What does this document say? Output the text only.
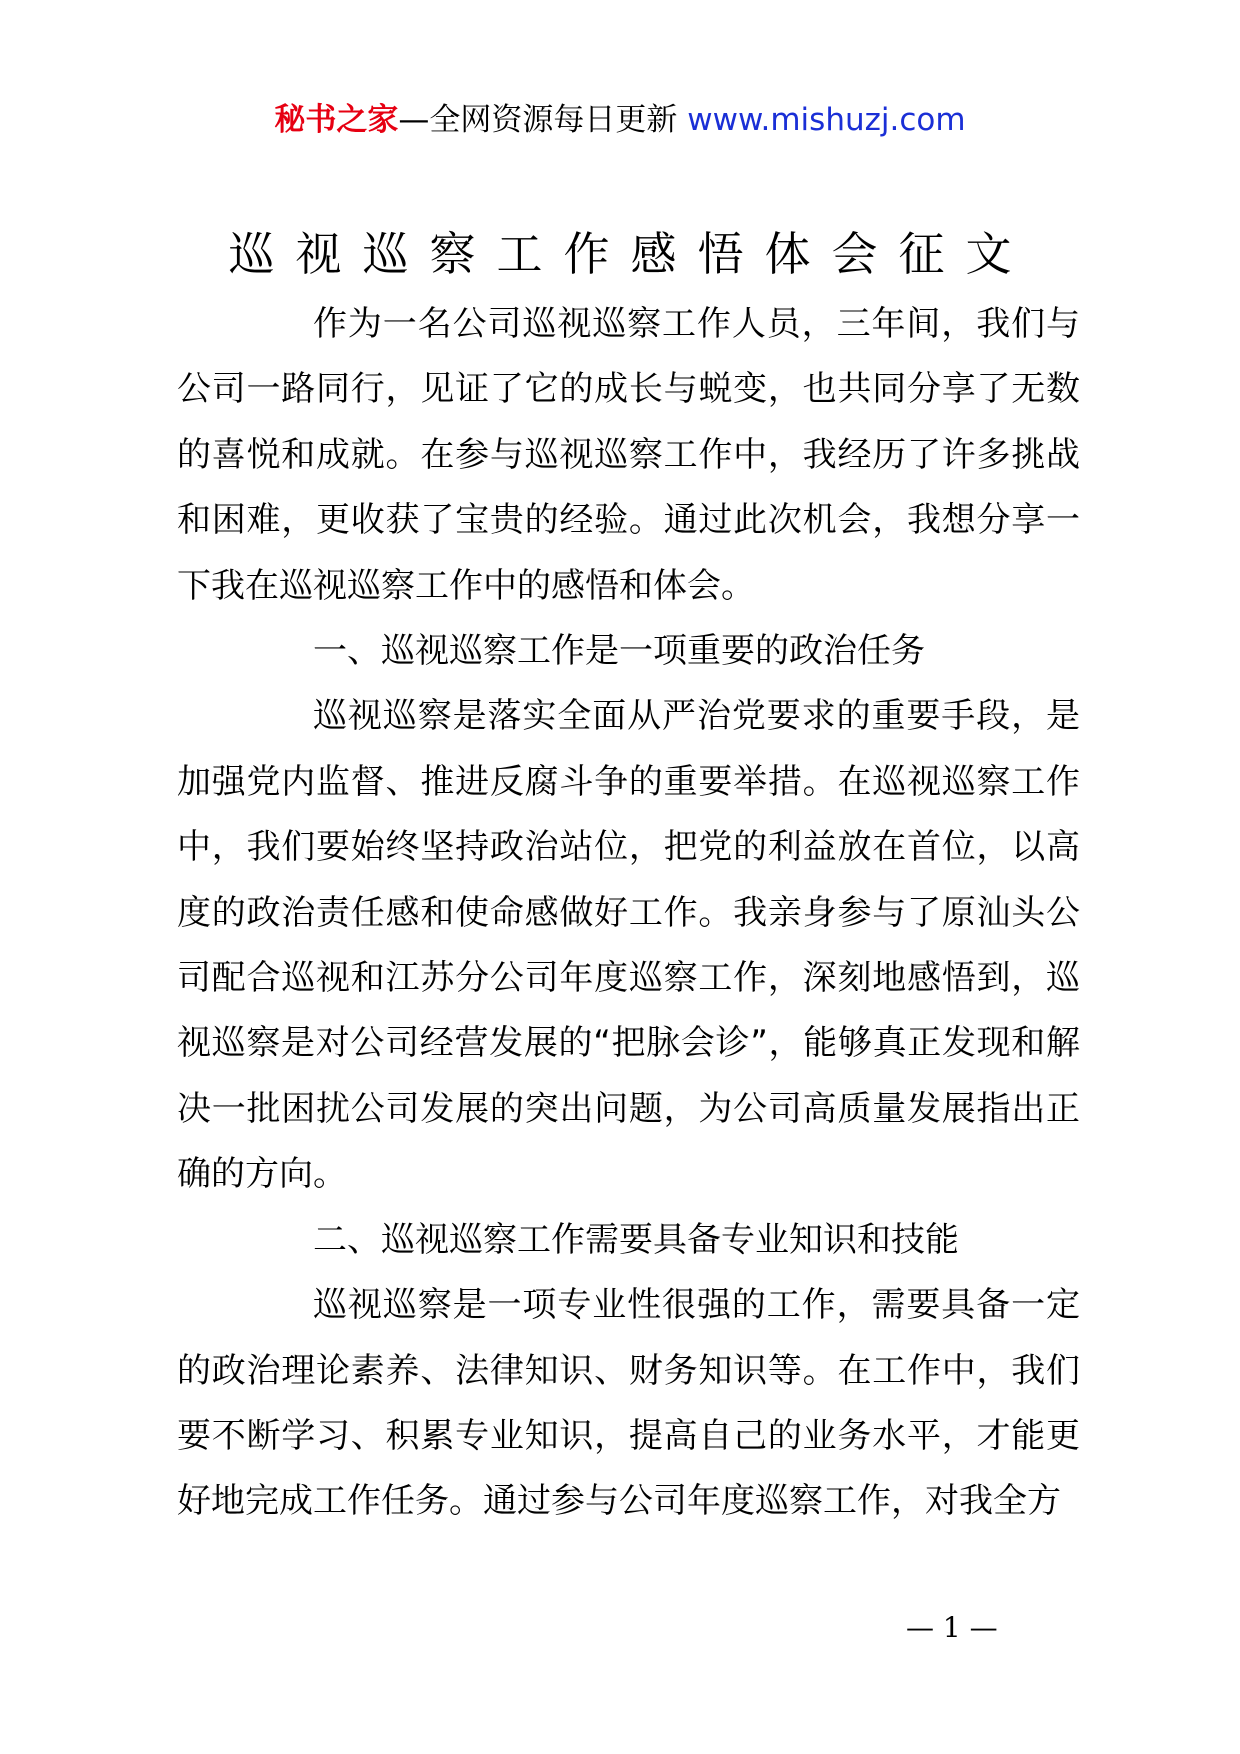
秘书之家—全网资源每日更新 www.mishuzj.com
巡视巡察工作感悟体会征文

作为一名公司巡视巡察工作人员，三年间，我们与公司一路同行，见证了它的成长与蜕变，也共同分享了无数的喜悦和成就。在参与巡视巡察工作中，我经历了许多挑战和困难，更收获了宝贵的经验。通过此次机会，我想分享一下我在巡视巡察工作中的感悟和体会。

一、巡视巡察工作是一项重要的政治任务

巡视巡察是落实全面从严治党要求的重要手段，是加强党内监督、推进反腐斗争的重要举措。在巡视巡察工作中，我们要始终坚持政治站位，把党的利益放在首位，以高度的政治责任感和使命感做好工作。我亲身参与了原汕头公司配合巡视和江苏分公司年度巡察工作，深刻地感悟到，巡视巡察是对公司经营发展的“把脉会诊”，能够真正发现和解决一批困扰公司发展的突出问题，为公司高质量发展指出正确的方向。

二、巡视巡察工作需要具备专业知识和技能

巡视巡察是一项专业性很强的工作，需要具备一定的政治理论素养、法律知识、财务知识等。在工作中，我们要不断学习、积累专业知识，提高自己的业务水平，才能更好地完成工作任务。通过参与公司年度巡察工作，对我全方

— 1 —
